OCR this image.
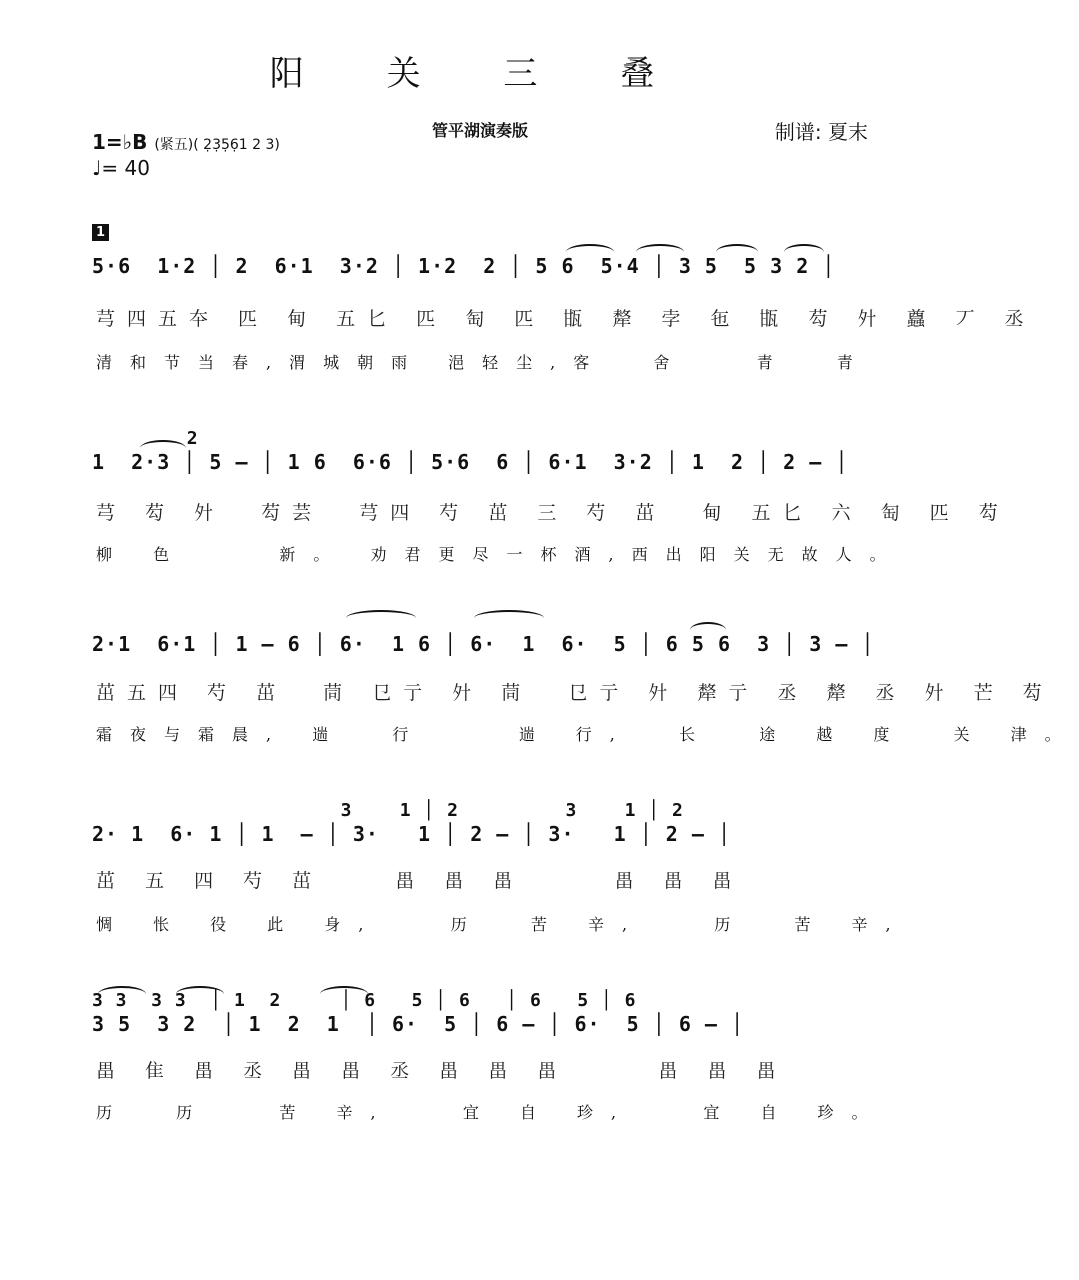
阳 关 三 叠
管平湖演奏版	制谱: 夏末
1=♭B (紧五)( 2̣3̣5̣6̣1 2 3)
♩= 40
1
5·6  1·2 │ 2  6·1  3·2 │ 1·2  2 │ 5 6  5·4 │ 3 5  5 3 2 │
芎四五夲 匹 甸 五匕 匹 匋 匹 㽍 犛 孛 㐌 㽍 芶 㚈 蠤 丆 丞
清和节当春,渭城朝雨 浥轻尘,客  舍   青  青
2
1  2·3 │ 5 – │ 1 6  6·6 │ 5·6  6 │ 6·1  3·2 │ 1  2 │ 2 – │
芎 芶 㚈  芶芸  芎四 芍 茁 三 芍 茁  甸 五匕 六 匋 匹 芶
柳 色    新。 劝君更尽一杯酒,西出阳关无故人。
2·1  6·1 │ 1 – 6 │ 6·  1 6 │ 6·  1  6·  5 │ 6 5 6  3 │ 3 – │
茁五四 芍 茁  茼 㔾亍 㚈 茼  㔾亍 㚈 犛亍 丞 犛 丞 㚈 芒 芶
霜夜与霜晨, 遄  行    遄 行,  长  途 越 度  关 津。
3    1 │ 2         3    1 │ 2
2· 1  6· 1 │ 1  – │ 3·   1 │ 2 – │ 3·   1 │ 2 – │
茁 五 四 芍 茁    畕 畕 畕     畕 畕 畕
惆 怅 役 此 身,   历  苦 辛,   历  苦 辛,
3 3  3 3  │ 1  2     │ 6   5 │ 6   │ 6   5 │ 6
3 5  3 2  │ 1  2  1  │ 6·  5 │ 6 – │ 6·  5 │ 6 – │
畕 隹 畕 丞 畕 畕 丞 畕 畕 畕     畕 畕 畕
历  历   苦 辛,   宜 自 珍,   宜 自 珍。
